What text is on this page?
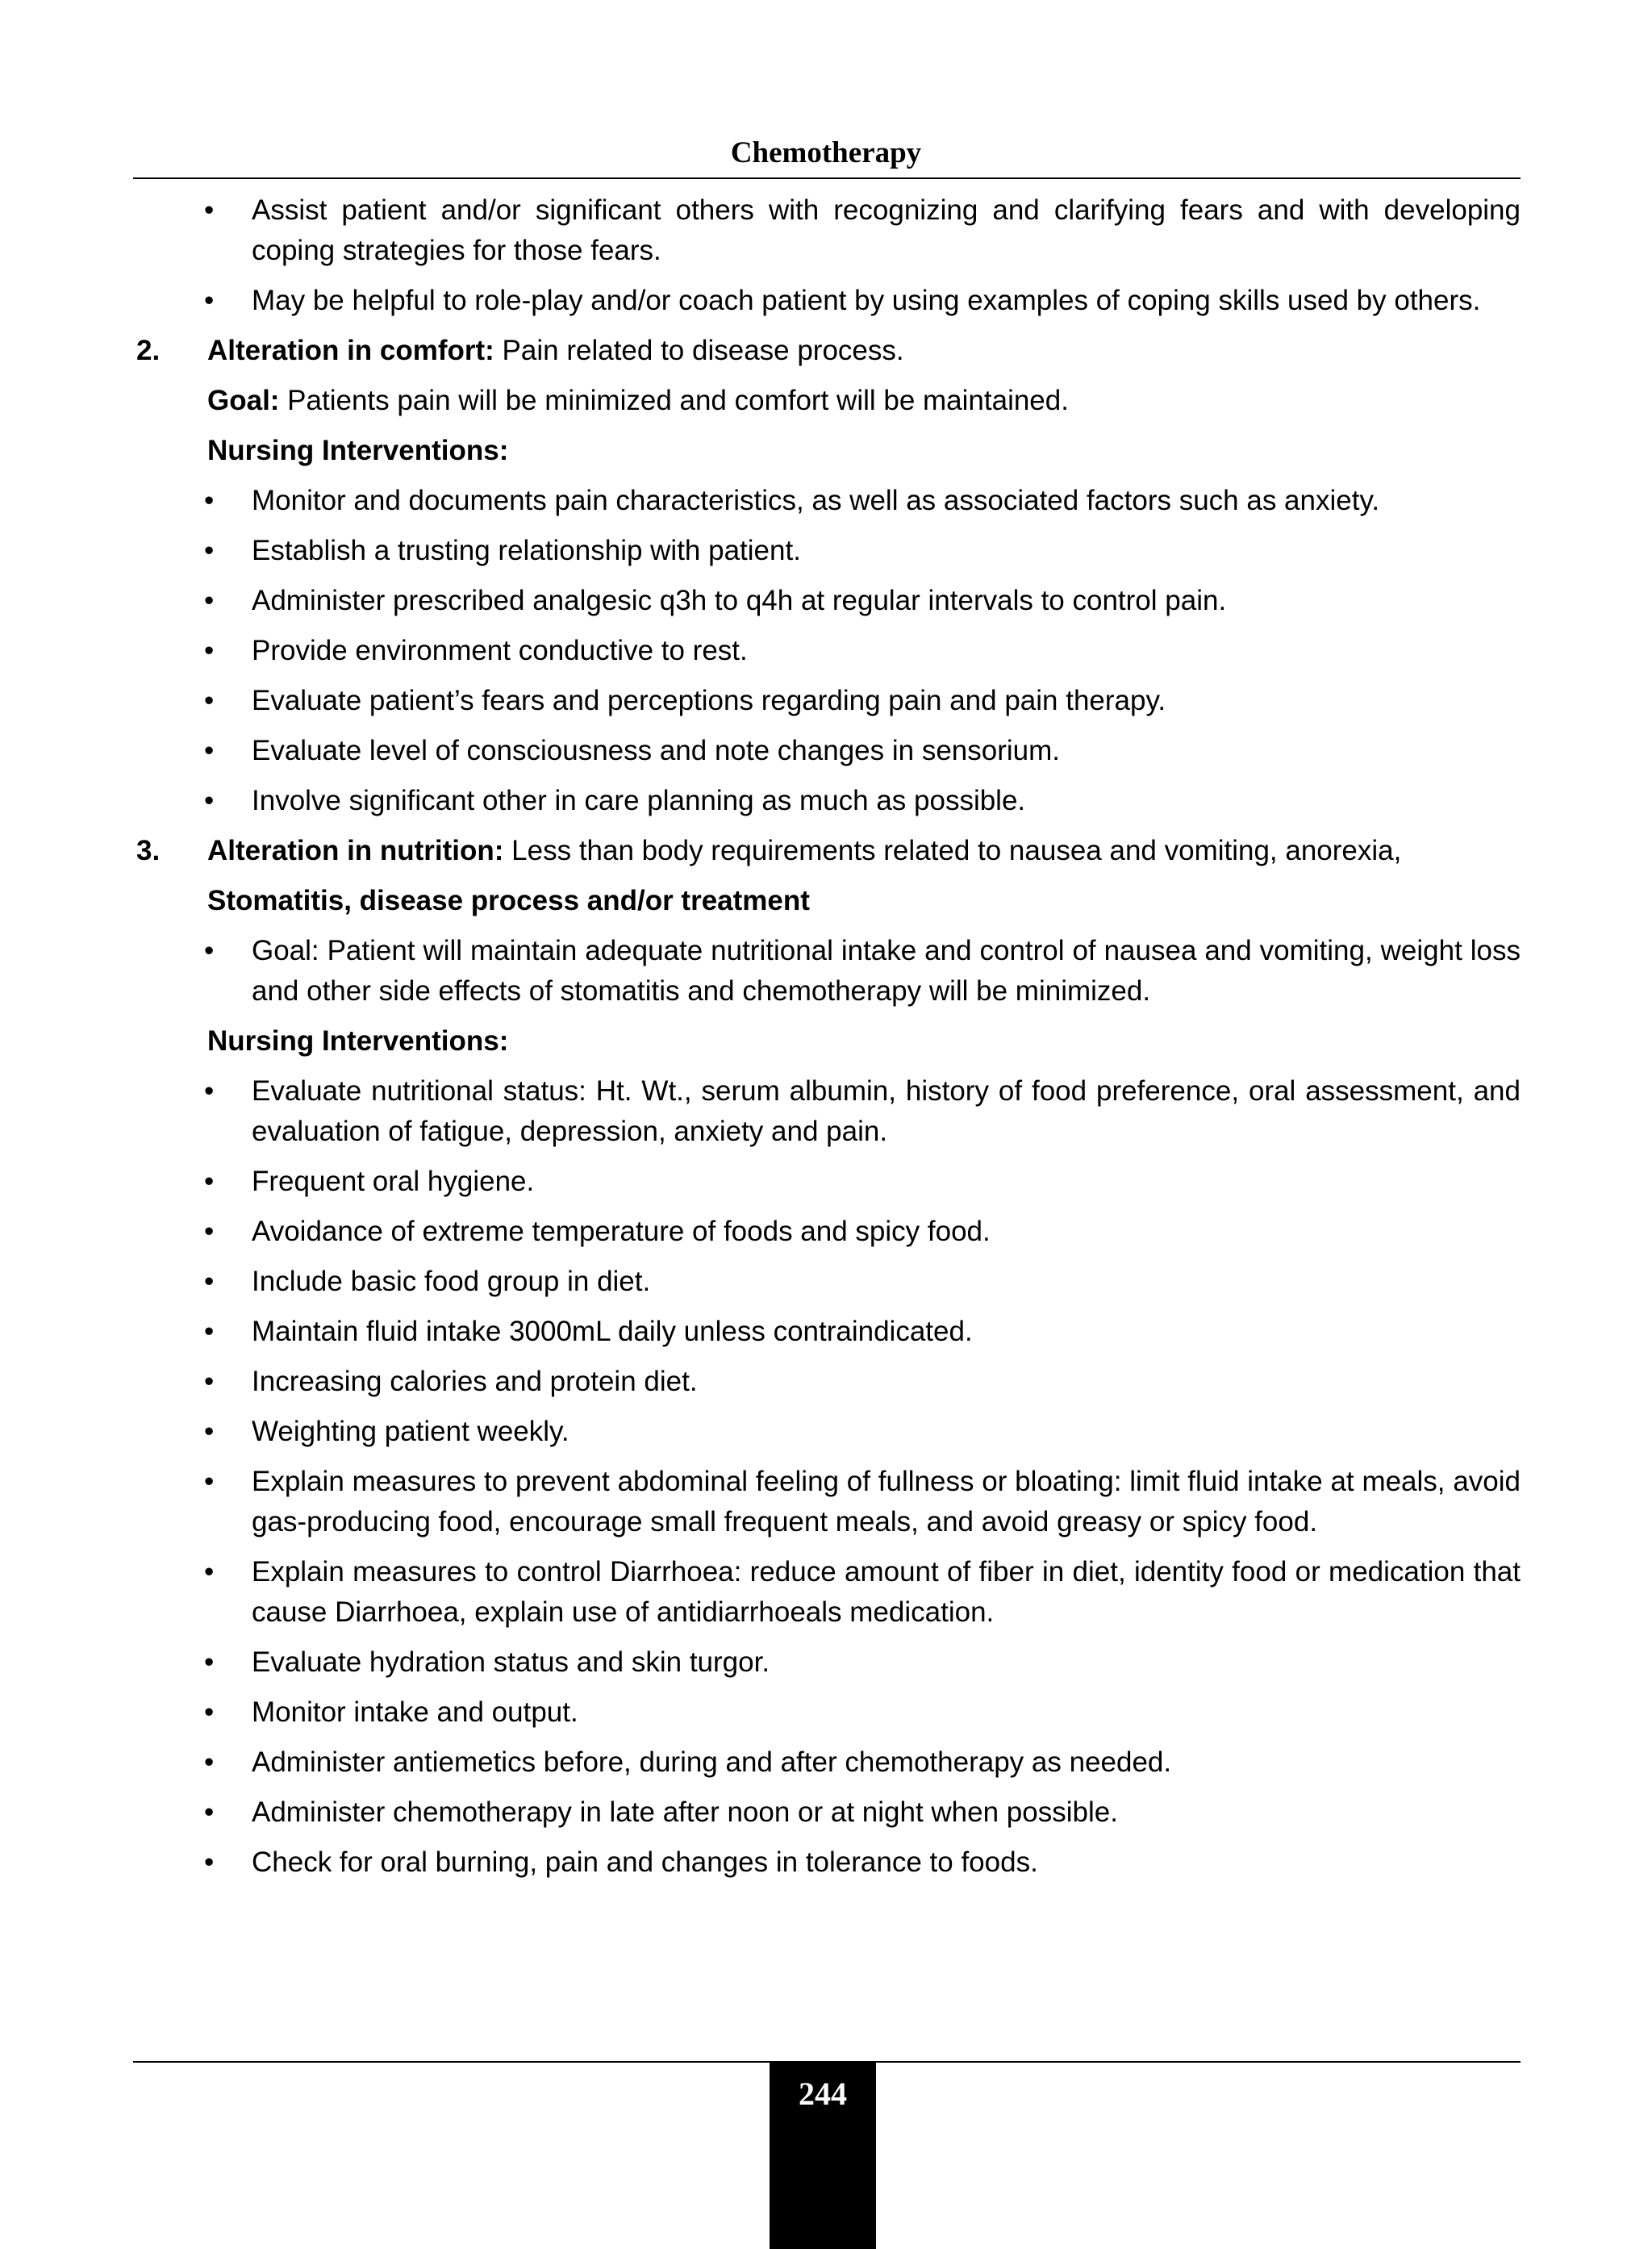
Chemotherapy
• Assist patient and/or significant others with recognizing and clarifying fears and with developing coping strategies for those fears.
• May be helpful to role-play and/or coach patient by using examples of coping skills used by others.
2. Alteration in comfort: Pain related to disease process.
Goal: Patients pain will be minimized and comfort will be maintained.
Nursing Interventions:
• Monitor and documents pain characteristics, as well as associated factors such as anxiety.
• Establish a trusting relationship with patient.
• Administer prescribed analgesic q3h to q4h at regular intervals to control pain.
• Provide environment conductive to rest.
• Evaluate patient’s fears and perceptions regarding pain and pain therapy.
• Evaluate level of consciousness and note changes in sensorium.
• Involve significant other in care planning as much as possible.
3. Alteration in nutrition: Less than body requirements related to nausea and vomiting, anorexia,
Stomatitis, disease process and/or treatment
• Goal: Patient will maintain adequate nutritional intake and control of nausea and vomiting, weight loss and other side effects of stomatitis and chemotherapy will be minimized.
Nursing Interventions:
• Evaluate nutritional status: Ht. Wt., serum albumin, history of food preference, oral assessment, and evaluation of fatigue, depression, anxiety and pain.
• Frequent oral hygiene.
• Avoidance of extreme temperature of foods and spicy food.
• Include basic food group in diet.
• Maintain fluid intake 3000mL daily unless contraindicated.
• Increasing calories and protein diet.
• Weighting patient weekly.
• Explain measures to prevent abdominal feeling of fullness or bloating: limit fluid intake at meals, avoid gas-producing food, encourage small frequent meals, and avoid greasy or spicy food.
• Explain measures to control Diarrhoea: reduce amount of fiber in diet, identity food or medication that cause Diarrhoea, explain use of antidiarrhoeals medication.
• Evaluate hydration status and skin turgor.
• Monitor intake and output.
• Administer antiemetics before, during and after chemotherapy as needed.
• Administer chemotherapy in late after noon or at night when possible.
• Check for oral burning, pain and changes in tolerance to foods.
244
